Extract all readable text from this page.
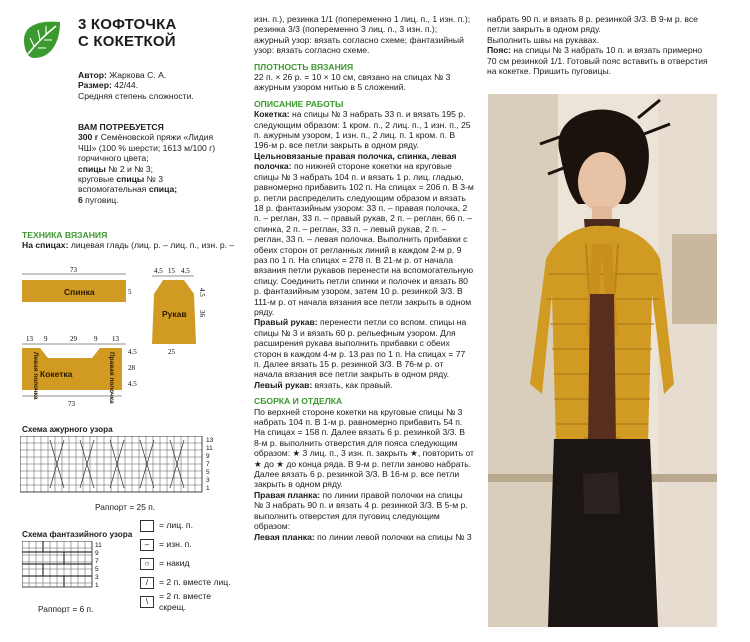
3 КОФТОЧКА
С КОКЕТКОЙ

Автор: Жаркова С. А.

Размер: 42/44.

Средняя степень сложности.

ВАМ ПОТРЕБУЕТСЯ

300 г Семёновской пряжи «Лидия ЧШ» (100 % шерсти; 1613 м/100 г) горчичного цвета;

спицы № 2 и № 3;

круговые спицы № 3

вспомогательная спица;

6 пуговиц.

ТЕХНИКА ВЯЗАНИЯ

На спицах: лицевая гладь (лиц. р. – лиц. п., изн. р. –

73
Спинка	5
4.5 15 4.5
Рукав
4.5
36
25
13 9	29 9 13
Кокетка
Левая полочка	Правая полочка 4.5
28
4.5
73
Схема ажурного узора
13
11
9
7
5
3
1
Раппорт = 25 п.
Схема фантазийного узора
11
9
7
5
3
1
Раппорт = 6 п.
= лиц. п.
–	= изн. п.
○	= накид
/	= 2 п. вместе лиц.
\	= 2 п. вместе скрещ.

изн. п.), резинка 1/1 (попеременно 1 лиц. п., 1 изн. п.); резинка 3/3 (попеременно 3 лиц. п., 3 изн. п.); ажурный узор: вязать согласно схеме; фантазийный узор: вязать согласно схеме.

ПЛОТНОСТЬ ВЯЗАНИЯ

22 п. × 26 р. = 10 × 10 см, связано на спицах № 3 ажурным узором нитью в 5 сложений.

ОПИСАНИЕ РАБОТЫ

Кокетка: на спицы № 3 набрать 33 п. и вязать 195 р. следующим образом: 1 кром. п., 2 лиц. п., 1 изн. п., 25 п. ажурным узором, 1 изн. п., 2 лиц. п. 1 кром. п. В 196-м р. все петли закрыть в одном ряду.

Цельновязаные правая полочка, спинка, левая полочка: по нижней стороне кокетки на круговые спицы № 3 набрать 104 п. и вязать 1 р. лиц. гладью, равномерно прибавить 102 п. На спицах = 206 п. В 3-м р. петли распределить следующим образом и вязать 18 р. фантазийным узором: 33 п. – правая полочка, 2 п. – реглан, 33 п. – правый рукав, 2 п. – реглан, 66 п. – спинка, 2 п. – реглан, 33 п. – левый рукав, 2 п. – реглан, 33 п. – левая полочка. Выполнить прибавки с обеих сторон от регланных линий в каждом 2-м р. 9 раз по 1 п. На спицах = 278 п. В 21-м р. от начала вязания петли рукавов перенести на вспомогательную спицу. Соединить петли спинки и полочек и вязать 80 р. фантазийным узором, затем 10 р. резинкой 3/3. В 111-м р. от начала вязания все петли закрыть в одном ряду.

Правый рукав: перенести петли со вспом. спицы на спицы № 3 и вязать 60 р. рельефным узором. Для расширения рукава выполнить прибавки с обеих сторон в каждом 4-м р. 13 раз по 1 п. На спицах = 77 п. Далее вязать 15 р. резинкой 3/3. В 76-м р. от начала вязания все петли закрыть в одном ряду.

Левый рукав: вязать, как правый.

СБОРКА И ОТДЕЛКА

По верхней стороне кокетки на круговые спицы № 3 набрать 104 п. В 1-м р. равномерно прибавить 54 п. На спицах = 158 п. Далее вязать 6 р. резинкой 3/3. В 8-м р. выполнить отверстия для пояса следующим образом: ★ 3 лиц. п., 3 изн. п. закрыть ★, повторить от ★ до ★ до конца ряда. В 9-м р. петли заново набрать. Далее вязать 6 р. резинкой 3/3. В 16-м р. все петли закрыть в одном ряду.

Правая планка: по линии правой полочки на спицы № 3 набрать 90 п. и вязать 4 р. резинкой 3/3. В 5-м р. выполнить отверстия для пуговиц следующим образом:

Левая планка: по линии левой полочки на спицы № 3

набрать 90 п. и вязать 8 р. резинкой 3/3. В 9-м р. все петли закрыть в одном ряду.

Выполнить швы на рукавах.

Пояс: на спицы № 3 набрать 10 п. и вязать примерно 70 см резинкой 1/1. Готовый пояс вставить в отверстия на кокетке. Пришить пуговицы.
